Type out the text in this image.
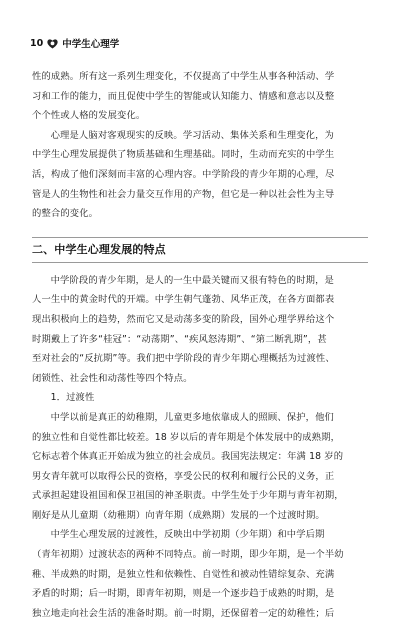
10 中学生心理学
性的成熟。所有这一系列生理变化，不仅提高了中学生从事各种活动、学
习和工作的能力，而且促使中学生的智能或认知能力、情感和意志以及整
个个性或人格的发展变化。
心理是人脑对客观现实的反映。学习活动、集体关系和生理变化，为
中学生心理发展提供了物质基础和生理基础。同时，生动而充实的中学生
活，构成了他们深刻而丰富的心理内容。中学阶段的青少年期的心理，尽
管是人的生物性和社会力量交互作用的产物，但它是一种以社会性为主导
的整合的变化。
二、中学生心理发展的特点
中学阶段的青少年期，是人的一生中最关键而又很有特色的时期，是
人一生中的黄金时代的开端。中学生朝气蓬勃、风华正茂，在各方面都表
现出积极向上的趋势，然而它又是动荡多变的阶段，国外心理学界给这个
时期戴上了许多“桂冠”：“动荡期”、“疾风怒涛期”、“第二断乳期”，甚
至对社会的“反抗期”等。我们把中学阶段的青少年期心理概括为过渡性、
闭锁性、社会性和动荡性等四个特点。
1．过渡性
中学以前是真正的幼稚期，儿童更多地依靠成人的照顾、保护，他们
的独立性和自觉性都比较差。18 岁以后的青年期是个体发展中的成熟期，
它标志着个体真正开始成为独立的社会成员。我国宪法规定：年满 18 岁的
男女青年就可以取得公民的资格，享受公民的权利和履行公民的义务，正
式承担起建设祖国和保卫祖国的神圣职责。中学生处于少年期与青年初期，
刚好是从儿童期（幼稚期）向青年期（成熟期）发展的一个过渡时期。
中学生心理发展的过渡性，反映出中学初期（少年期）和中学后期
（青年初期）过渡状态的两种不同特点。前一时期，即少年期，是一个半幼
稚、半成熟的时期，是独立性和依赖性、自觉性和被动性错综复杂、充满
矛盾的时期；后一时期，即青年初期，则是一个逐步趋于成熟的时期，是
独立地走向社会生活的准备时期。前一时期，还保留着一定的幼稚性；后
